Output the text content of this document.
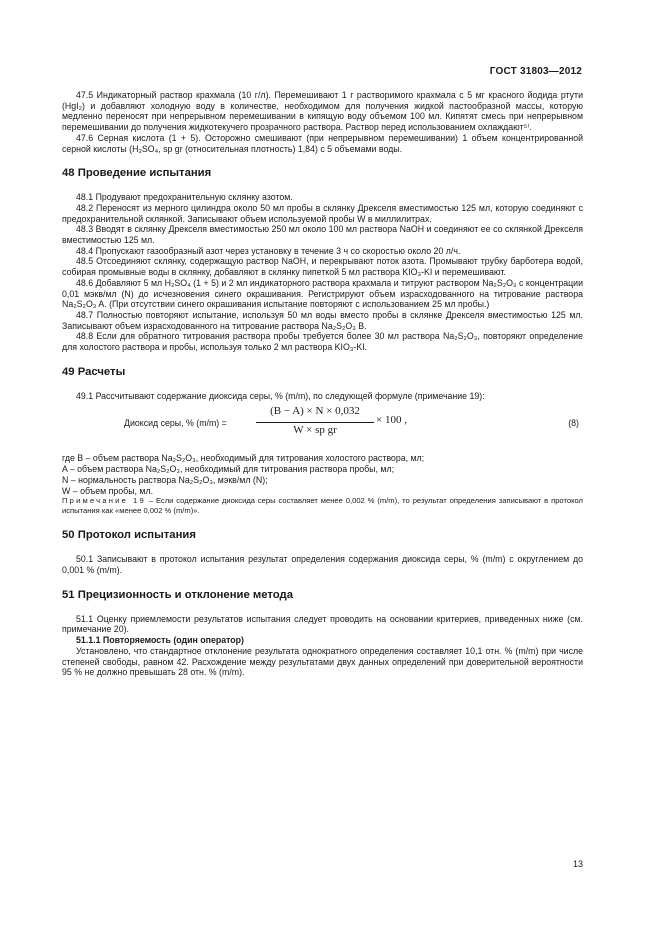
ГОСТ 31803—2012

47.5 Индикаторный раствор крахмала (10 г/л). Перемешивают 1 г растворимого крахмала с 5 мг красного йодида ртути (HgI₂) и добавляют холодную воду в количестве, необходимом для получения жидкой пастообразной массы, которую медленно переносят при непрерывном перемешивании в кипящую воду объемом 100 мл. Кипятят смесь при непрерывном перемешивании до получения жидкотекучего прозрачного раствора. Раствор перед использованием охлаждают⁵⁾.

47.6 Серная кислота (1 + 5). Осторожно смешивают (при непрерывном перемешивании) 1 объем концентрированной серной кислоты (H₂SO₄, sp gr (относительная плотность) 1,84) с 5 объемами воды.

48 Проведение испытания

48.1 Продувают предохранительную склянку азотом.

48.2 Переносят из мерного цилиндра около 50 мл пробы в склянку Дрекселя вместимостью 125 мл, которую соединяют с предохранительной склянкой. Записывают объем используемой пробы W в миллилитрах.

48.3 Вводят в склянку Дрекселя вместимостью 250 мл около 100 мл раствора NaOH и соединяют ее со склянкой Дрекселя вместимостью 125 мл.

48.4 Пропускают газообразный азот через установку в течение 3 ч со скоростью около 20 л/ч.

48.5 Отсоединяют склянку, содержащую раствор NaOH, и перекрывают поток азота. Промывают трубку барботера водой, собирая промывные воды в склянку, добавляют в склянку пипеткой 5 мл раствора KIO₃-KI и перемешивают.

48.6 Добавляют 5 мл H₂SO₄ (1 + 5) и 2 мл индикаторного раствора крахмала и титруют раствором Na₂S₂O₃ с концентрации 0,01 мэкв/мл (N) до исчезновения синего окрашивания. Регистрируют объем израсходованного на титрование раствора Na₂S₂O₃ A. (При отсутствии синего окрашивания испытание повторяют с использованием 25 мл пробы.)

48.7 Полностью повторяют испытание, используя 50 мл воды вместо пробы в склянке Дрекселя вместимостью 125 мл. Записывают объем израсходованного на титрование раствора Na₂S₂O₃ B.

48.8 Если для обратного титрования раствора пробы требуется более 30 мл раствора Na₂S₂O₃, повторяют определение для холостого раствора и пробы, используя только 2 мл раствора KIO₃-KI.

49 Расчеты

49.1 Рассчитывают содержание диоксида серы, % (m/m), по следующей формуле (примечание 19):

Диоксид серы, % (m/m) =
(B − A) × N × 0,032
W × sp gr
× 100 ,	(8)

где B – объем раствора Na₂S₂O₃, необходимый для титрования холостого раствора, мл;

A – объем раствора Na₂S₂O₃, необходимый для титрования раствора пробы, мл;

N – нормальность раствора Na₂S₂O₃, мэкв/мл (N);

W – объем пробы, мл.

Примечание 19 – Если содержание диоксида серы составляет менее 0,002 % (m/m), то результат определения записывают в протокол испытания как «менее 0,002 % (m/m)».

50 Протокол испытания

50.1 Записывают в протокол испытания результат определения содержания диоксида серы, % (m/m) с округлением до 0,001 % (m/m).

51 Прецизионность и отклонение метода

51.1 Оценку приемлемости результатов испытания следует проводить на основании критериев, приведенных ниже (см. примечание 20).

51.1.1 Повторяемость (один оператор)

Установлено, что стандартное отклонение результата однократного определения составляет 10,1 отн. % (m/m) при числе степеней свободы, равном 42. Расхождение между результатами двух данных определений при доверительной вероятности 95 % не должно превышать 28 отн. % (m/m).

13
